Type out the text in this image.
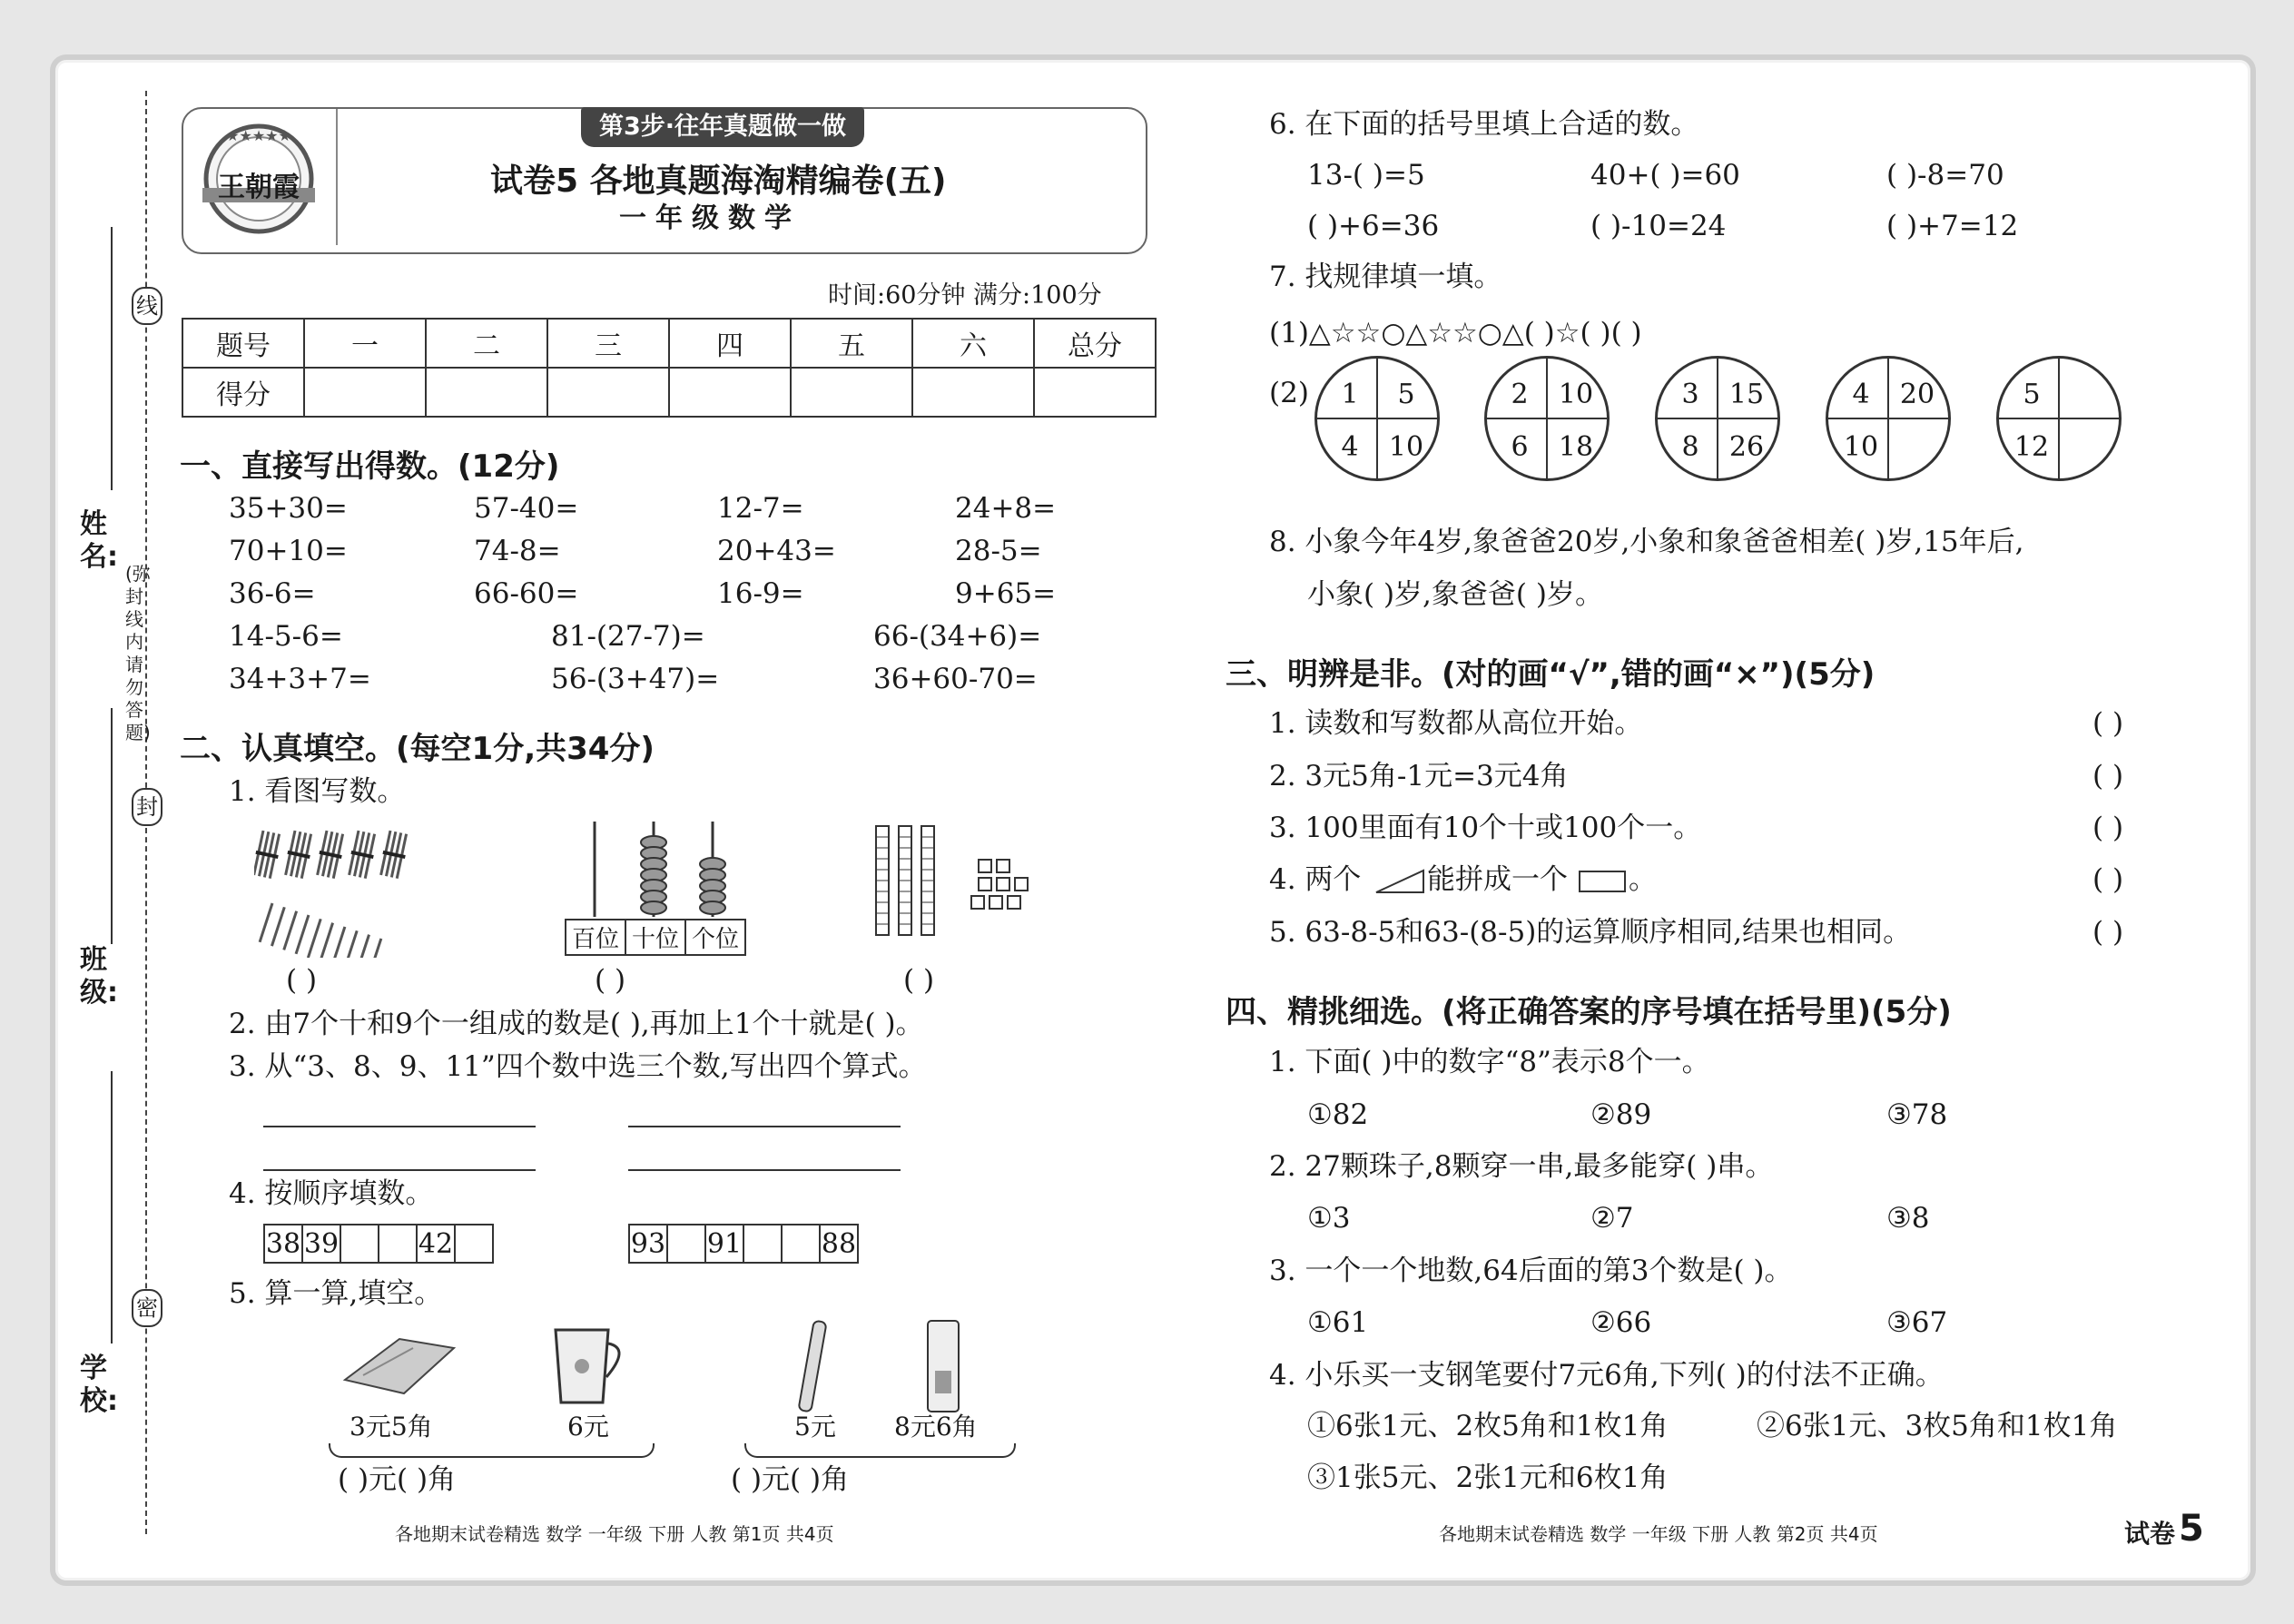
线
封
密
姓名:
(弥封线内请勿答题)
班级:
学校:
★★★★★
王朝霞
第3步·往年真题做一做
试卷5 各地真题海淘精编卷(五)
一年级数学
时间:60分钟 满分:100分
题号	一	二	三	四	五	六	总分
得分							
一、直接写出得数。(12分)
35+30=	57-40=	12-7=	24+8=
70+10=	74-8=	20+43=	28-5=
36-6=	66-60=	16-9=	9+65=
14-5-6=	81-(27-7)=	66-(34+6)=
34+3+7=	56-(3+47)=	36+60-70=
二、认真填空。(每空1分,共34分)
1. 看图写数。
( )
百位	十位	个位
( )	( )
2. 由7个十和9个一组成的数是( ),再加上1个十就是( )。
3. 从“3、8、9、11”四个数中选三个数,写出四个算式。
4. 按顺序填数。
38	39			42		93		91			88
5. 算一算,填空。
3元5角	6元
( )元( )角
5元 8元6角
( )元( )角
各地期末试卷精选 数学 一年级 下册 人教 第1页 共4页
6. 在下面的括号里填上合适的数。
13-( )=5	40+( )=60	( )-8=70
( )+6=36	( )-10=24	( )+7=12
7. 找规律填一填。
(1)△☆☆○△☆☆○△( )☆( )( )
(2)	1	5
4	10
2	10
6	18
3	15
8	26
4	20
10
5
12
8. 小象今年4岁,象爸爸20岁,小象和象爸爸相差( )岁,15年后,
小象( )岁,象爸爸( )岁。
三、明辨是非。(对的画“√”,错的画“×”)(5分)
1. 读数和写数都从高位开始。
2. 3元5角-1元=3元4角
3. 100里面有10个十或100个一。
4. 两个 能拼成一个 。
5. 63-8-5和63-(8-5)的运算顺序相同,结果也相同。
( )
( )
( )
( )
( )
四、精挑细选。(将正确答案的序号填在括号里)(5分)
1. 下面( )中的数字“8”表示8个一。
①82	②89	③78
2. 27颗珠子,8颗穿一串,最多能穿( )串。
①3	②7	③8
3. 一个一个地数,64后面的第3个数是( )。
①61	②66	③67
4. 小乐买一支钢笔要付7元6角,下列( )的付法不正确。
①6张1元、2枚5角和1枚1角	②6张1元、3枚5角和1枚1角
③1张5元、2张1元和6枚1角
各地期末试卷精选 数学 一年级 下册 人教 第2页 共4页	试卷 5
